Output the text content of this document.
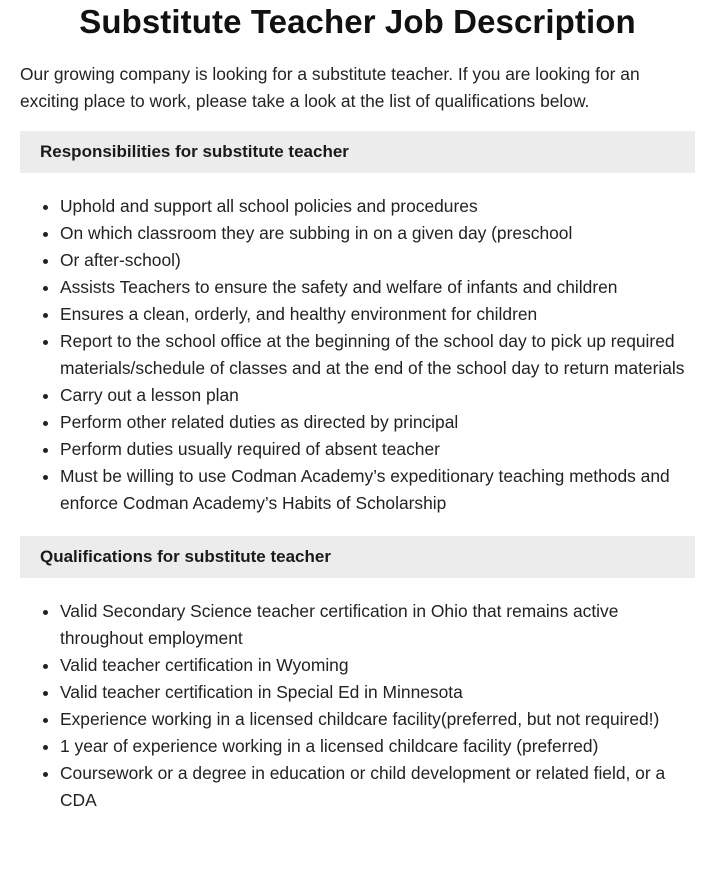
Substitute Teacher Job Description

Our growing company is looking for a substitute teacher. If you are looking for an exciting place to work, please take a look at the list of qualifications below.

Responsibilities for substitute teacher
• Uphold and support all school policies and procedures
• On which classroom they are subbing in on a given day (preschool
• Or after-school)
• Assists Teachers to ensure the safety and welfare of infants and children
• Ensures a clean, orderly, and healthy environment for children
• Report to the school office at the beginning of the school day to pick up required materials/schedule of classes and at the end of the school day to return materials
• Carry out a lesson plan
• Perform other related duties as directed by principal
• Perform duties usually required of absent teacher
• Must be willing to use Codman Academy’s expeditionary teaching methods and enforce Codman Academy’s Habits of Scholarship
Qualifications for substitute teacher
• Valid Secondary Science teacher certification in Ohio that remains active throughout employment
• Valid teacher certification in Wyoming
• Valid teacher certification in Special Ed in Minnesota
• Experience working in a licensed childcare facility(preferred, but not required!)
• 1 year of experience working in a licensed childcare facility (preferred)
• Coursework or a degree in education or child development or related field, or a CDA
